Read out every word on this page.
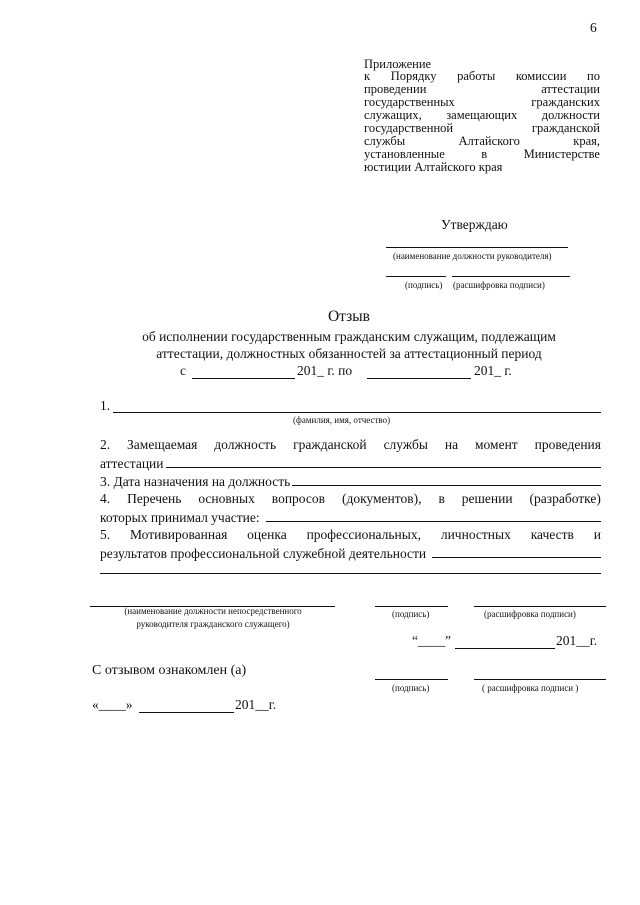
6
Приложение
к Порядку работы комиссии по
проведении	аттестации
государственных	гражданских
служащих, замещающих должности
государственной	гражданской
службы	Алтайского	края,
установленные	в	Министерстве
юстиции Алтайского края
Утверждаю
(наименование должности руководителя)
(подпись) (расшифровка подписи)
Отзыв
об исполнении государственным гражданским служащим, подлежащим
аттестации, должностных обязанностей за аттестационный период
с	201_ г. по	201_ г.
1.
(фамилия, имя, отчество)
2. Замещаемая должность гражданской службы на момент проведения
аттестации
3. Дата назначения на должность
4. Перечень основных вопросов (документов), в решении (разработке)
которых принимал участие:
5. Мотивированная оценка профессиональных, личностных качеств и
результатов профессиональной служебной деятельности
(наименование должности непосредственного
руководителя гражданского служащего)
(подпись)	(расшифровка подписи)
“____”	201__г.
С отзывом ознакомлен (а)
(подпись)	( расшифровка подписи )
«____»	201__г.
